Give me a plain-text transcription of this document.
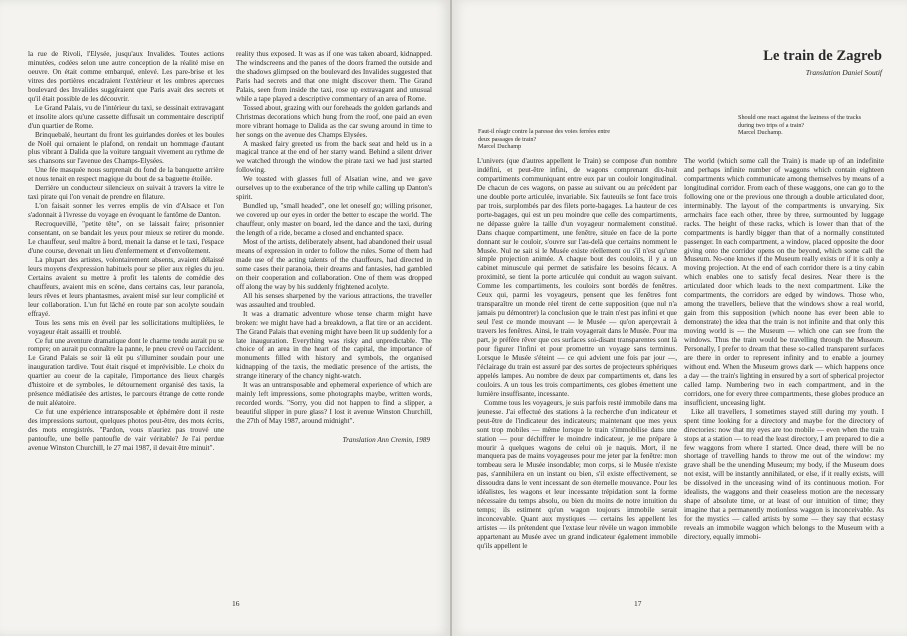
la rue de Rivoli, l'Elysée, jusqu'aux Invalides. Toutes actions minutées, codées selon une autre conception de la réalité mise en oeuvre. On était comme embarqué, enlevé. Les pare-brise et les vitres des portières encadraient l'extérieur et les ombres apercues boulevard des Invalides suggéraient que Paris avait des secrets et qu'il était possible de les découvrir.

Le Grand Palais, vu de l'intérieur du taxi, se dessinait extravagant et insolite alors qu'une cassette diffusait un commentaire descriptif d'un quartier de Rome.

Brinquebalé, heurtant du front les guirlandes dorées et les boules de Noël qui ornaient le plafond, on rendait un hommage d'autant plus vibrant à Dalida que la voiture tanguait vivement au rythme de ses chansons sur l'avenue des Champs-Elysées.

Une fée masquée nous surprenait du fond de la banquette arrière et nous tenait en respect magique du bout de sa baguette étoilée.

Derrière un conducteur silencieux on suivait à travers la vitre le taxi pirate qui l'on venait de prendre en filature.

L'on faisait sonner les verres emplis de vin d'Alsace et l'on s'adonnait à l'ivresse du voyage en évoquant le fantôme de Danton.

Recroquevillé, "petite tête", on se laissait faire; prisonnier consentant, on se bandait les yeux pour mieux se retirer du monde. Le chauffeur, seul maître à bord, menait la danse et le taxi, l'espace d'une course, devenait un lieu d'enfermement et d'envoûtement.

La plupart des artistes, volontairement absents, avaient délaissé leurs moyens d'expression habituels pour se plier aux règles du jeu. Certains avaient su mettre à profit les talents de comédie des chauffeurs, avaient mis en scène, dans certains cas, leur paranoïa, leurs rêves et leurs phantasmes, avaient misé sur leur complicité et leur collaboration. L'un fut lâché en route par son acolyte soudain effrayé.

Tous les sens mis en éveil par les sollicitations multipliées, le voyageur était assailli et troublé.

Ce fut une aventure dramatique dont le charme tendu aurait pu se rompre; on aurait pu connaître la panne, le pneu crevé ou l'accident. Le Grand Palais se soir là eût pu s'illuminer soudain pour une inauguration tardive. Tout était risqué et imprévisible. Le choix du quartier au coeur de la capitale, l'importance des lieux chargés d'histoire et de symboles, le détournement organisé des taxis, la présence médiatisée des artistes, le parcours étrange de cette ronde de nuit aléatoire.

Ce fut une expérience intransposable et éphémère dont il reste des impressions surtout, quelques photos peut-être, des mots écrits, des mots enregistrés. "Pardon, vous n'auriez pas trouvé une pantoufle, une belle pantoufle de vair véritable? Je l'ai perdue avenue Winston Churchill, le 27 mai 1987, il devait être minuit".

reality thus exposed. It was as if one was taken aboard, kidnapped. The windscreens and the panes of the doors framed the outside and the shadows glimpsed on the boulevard des Invalides suggested that Paris had secrets and that one might discover them. The Grand Palais, seen from inside the taxi, rose up extravagant and unusual while a tape played a descriptive commentary of an area of Rome.

Tossed about, grazing with our foreheads the golden garlands and Christmas decorations which hung from the roof, one paid an even more vibrant homage to Dalida as the car swung around in time to her songs on the avenue des Champs Elysées.

A masked fairy greeted us from the back seat and held us in a magical trance at the end of her starry wand. Behind a silent driver we watched through the window the pirate taxi we had just started following.

We toasted with glasses full of Alsatian wine, and we gave ourselves up to the exuberance of the trip while calling up Danton's spirit.

Bundled up, "small headed", one let oneself go; willing prisoner, we covered up our eyes in order the better to escape the world. The chauffeur, only master on board, led the dance and the taxi, during the length of a ride, became a closed and enchanted space.

Most of the artists, deliberately absent, had abandoned their usual means of expression in order to follow the rules. Some of them had made use of the acting talents of the chauffeurs, had directed in some cases their paranoia, their dreams and fantasies, had gambled on their cooperation and collaboration. One of them was dropped off along the way by his suddenly frightened acolyte.

All his senses sharpened by the various attractions, the traveller was assaulted and troubled.

It was a dramatic adventure whose tense charm might have broken: we might have had a breakdown, a flat tire or an accident. The Grand Palais that evening might have been lit up suddenly for a late inauguration. Everything was risky and unpredictable. The choice of an area in the heart of the capital, the importance of monuments filled with history and symbols, the organised kidnapping of the taxis, the mediatic presence of the artists, the strange itinerary of the chancy night-watch.

It was an untransposable and ephemeral experience of which are mainly left impressions, some photographs maybe, written words, recorded words. "Sorry, you did not happen to find a slipper, a beautiful slipper in pure glass? I lost it avenue Winston Churchill, the 27th of May 1987, around midnight".

Translation Ann Cremin, 1989

16
Le train de Zagreb
Translation Daniel Soutif
Faut-il réagir contre la paresse des voies ferrées entre
deux passages de train?
Marcel Duchamp
Should one react against the laziness of the tracks
during two trips of a train?
Marcel Duchamp.

L'univers (que d'autres appellent le Train) se compose d'un nombre indéfini, et peut-être infini, de wagons comprenant dix-huit compartiments communiquant entre eux par un couloir longitudinal. De chacun de ces wagons, on passe au suivant ou au précédent par une double porte articulée, invariable. Six fauteuils se font face trois par trois, surplombés par des filets porte-bagages. La hauteur de ces porte-bagages, qui est un peu moindre que celle des compartiments, ne dépasse guère la taille d'un voyageur normalement constitué. Dans chaque compartiment, une fenêtre, située en face de la porte donnant sur le couloir, s'ouvre sur l'au-delà que certains nomment le Musée. Nul ne sait si le Musée existe réellement ou s'il n'est qu'une simple projection animée. A chaque bout des couloirs, il y a un cabinet minuscule qui permet de satisfaire les besoins fécaux. A proximité, se tient la porte articulée qui conduit au wagon suivant. Comme les compartiments, les couloirs sont bordés de fenêtres. Ceux qui, parmi les voyageurs, pensent que les fenêtres font transparaître un monde réel tirent de cette supposition (que nul n'a jamais pu démontrer) la conclusion que le train n'est pas infini et que seul l'est ce monde mouvant — le Musée — qu'on aperçevrait à travers les fenêtres. Ainsi, le train voyagerait dans le Musée. Pour ma part, je préfère rêver que ces surfaces soi-disant transparentes sont là pour figurer l'infini et pour promettre un voyage sans terminus. Lorsque le Musée s'éteint — ce qui advient une fois par jour —, l'éclairage du train est assuré par des sortes de projecteurs sphériques appelés lampes. Au nombre de deux par compartiments et, dans les couloirs. A un tous les trois compartiments, ces globes émettent une lumière insuffisante, incessante.

Comme tous les voyageurs, je suis parfois resté immobile dans ma jeunesse. J'ai effectué des stations à la recherche d'un indicateur et peut-être de l'indicateur des indicateurs; maintenant que mes yeux sont trop mobiles — même lorsque le train s'immobilise dans une station — pour déchiffrer le moindre indicateur, je me prépare à mourir à quelques wagons de celui où je naquis. Mort, il ne manquera pas de mains voyageuses pour me jeter par la fenêtre: mon tombeau sera le Musée insondable; mon corps, si le Musée n'existe pas, s'annihilera en un instant ou bien, s'il existe effectivement, se dissoudra dans le vent incessant de son éternelle mouvance. Pour les idéalistes, les wagons et leur incessante trépidation sont la forme nécessaire du temps absolu, ou bien du moins de notre intuition du temps; ils estiment qu'un wagon toujours immobile serait inconcevable. Quant aux mystiques — certains les appellent les artistes — ils prétendent que l'extase leur révèle un wagon immobile appartenant au Musée avec un grand indicateur également immobile qu'ils appellent le

The world (which some call the Train) is made up of an indefinite and perhaps infinite number of waggons which contain eighteen compartments which communicate among themselves by means of a longitudinal corridor. From each of these waggons, one can go to the following one or the previous one through a double articulated door, interminably. The layout of the compartments is unvarying. Six armchairs face each other, three by three, surmounted by luggage racks. The height of these racks, which is lower than that of the compartments is hardly bigger than that of a normally constituted passenger. In each compartment, a window, placed opposite the door giving onto the corridor opens on the beyond, which some call the Museum. No-one knows if the Museum really exists or if it is only a moving projection. At the end of each corridor there is a tiny cabin which enables one to satisfy fecal desires. Near there is the articulated door which leads to the next compartment. Like the compartments, the corridors are edged by windows. Those who, among the travellers, believe that the windows show a real world, gain from this supposition (which noone has ever been able to demonstrate) the idea that the train is not infinite and that only this moving world is — the Museum — which one can see from the windows. Thus the train would be travelling through the Museum. Personally, I prefer to dream that these so-called transparent surfaces are there in order to represent infinity and to enable a journey without end. When the Museum grows dark — which happens once a day — the train's lighting in ensured by a sort of spherical projector called lamp. Numbering two in each compartment, and in the corridors, one for every three compartments, these globes produce an insufficient, unceasing light.

Like all travellers, I sometimes stayed still during my youth. I spent time looking for a directory and maybe for the directory of directories: now that my eyes are too mobile — even when the train stops at a station — to read the least directory, I am prepared to die a few waggons from where I started. Once dead, there will be no shortage of travelling hands to throw me out of the window: my grave shall be the unending Museum; my body, if the Museum does not exist, will be instantly annihilated, or else, if it really exists, will be dissolved in the unceasing wind of its continuous motion. For idealists, the waggons and their ceaseless motion are the necessary shape of absolute time, or at least of our intuition of time; they imagine that a permanently motionless waggon is inconceivable. As for the mystics — called artists by some — they say that ecstasy reveals an immobile waggon which belongs to the Museum with a directory, equally immobi-

17
